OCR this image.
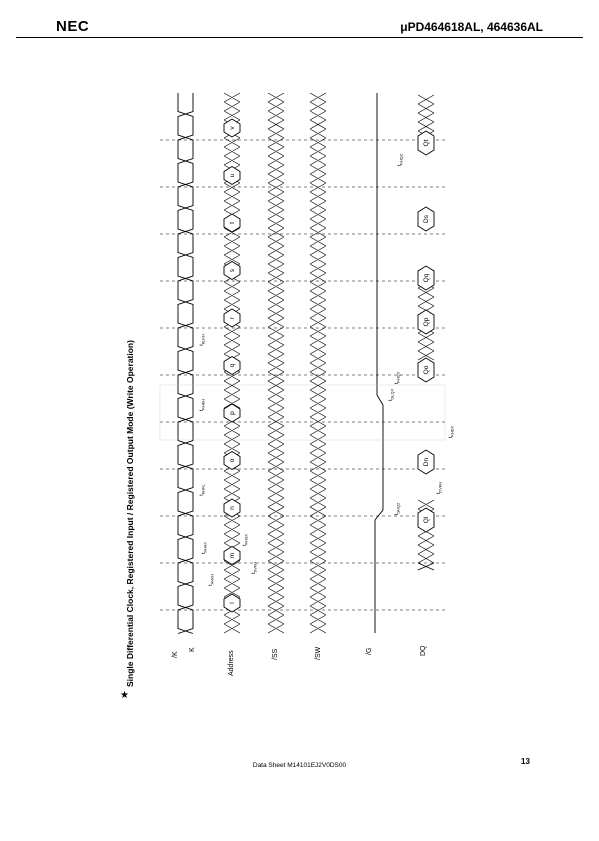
NEC	μPD464618AL, 464636AL
★
Single Differential Clock, Registered Input / Registered Output Mode (Write Operation)	/K
K
Address	/SS	/SW	/G	DQ
l
m
n
o
p
q
r
s
t
u
v
Ql
Dn
Qo
Qp
Qq
Ds
Qt
$t_{KHKL}$
$t_{KLKH}$
$t_{KHKH}$
$t_{AVKH}$
$t_{KHAX}$
$t_{SVKH}$
$t_{KHSX}$
$t_{KHQX}$
$t_{GHQZ}$
$t_{GLQX}$
$t_{DVKH}$
$t_{KHDX}$
$t_{KHQZ}$
Data Sheet M14101EJ2V0DS00	13
